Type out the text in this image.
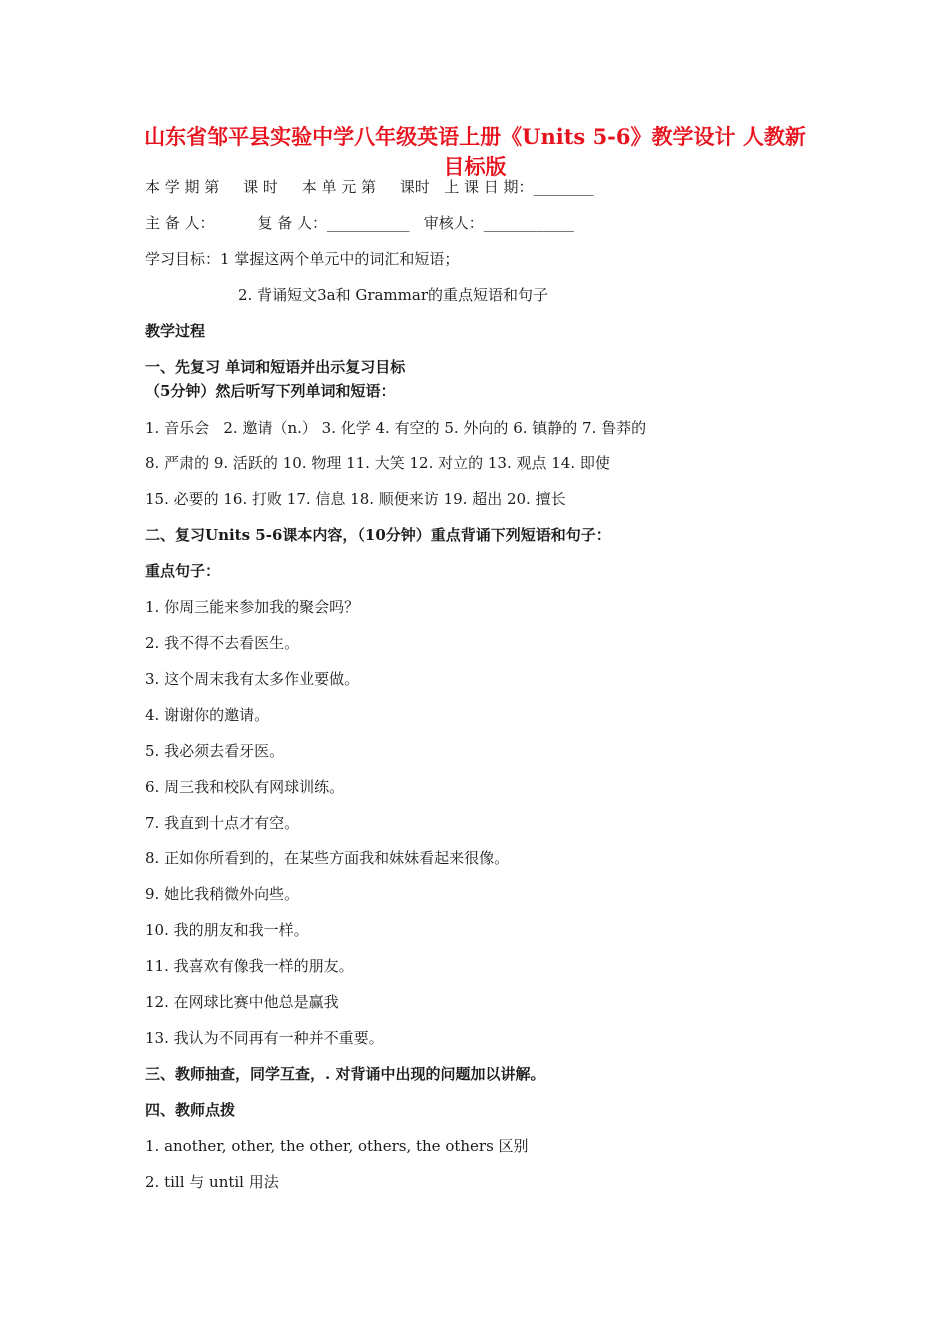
山东省邹平县实验中学八年级英语上册《Units 5-6》教学设计 人教新目标版
本 学 期 第     课 时     本 单 元 第     课时   上 课 日 期：________
主 备 人：         复 备 人：___________   审核人：____________
学习目标：1 掌握这两个单元中的词汇和短语；
2. 背诵短文3a和 Grammar的重点短语和句子
教学过程
一、先复习 单词和短语并出示复习目标
（5分钟）然后听写下列单词和短语：
1. 音乐会   2. 邀请（n.） 3. 化学 4. 有空的 5. 外向的 6. 镇静的 7. 鲁莽的
8. 严肃的 9. 活跃的 10. 物理 11. 大笑 12. 对立的 13. 观点 14. 即使
15. 必要的 16. 打败 17. 信息 18. 顺便来访 19. 超出 20. 擅长
二、复习Units 5-6课本内容，（10分钟）重点背诵下列短语和句子：
重点句子：
1. 你周三能来参加我的聚会吗？
2. 我不得不去看医生。
3. 这个周末我有太多作业要做。
4. 谢谢你的邀请。
5. 我必须去看牙医。
6. 周三我和校队有网球训练。
7. 我直到十点才有空。
8. 正如你所看到的，在某些方面我和妹妹看起来很像。
9. 她比我稍微外向些。
10. 我的朋友和我一样。
11. 我喜欢有像我一样的朋友。
12. 在网球比赛中他总是赢我
13. 我认为不同再有一种并不重要。
三、教师抽查，同学互查，. 对背诵中出现的问题加以讲解。
四、教师点拨
1. another, other, the other, others, the others 区别
2. till 与 until 用法
